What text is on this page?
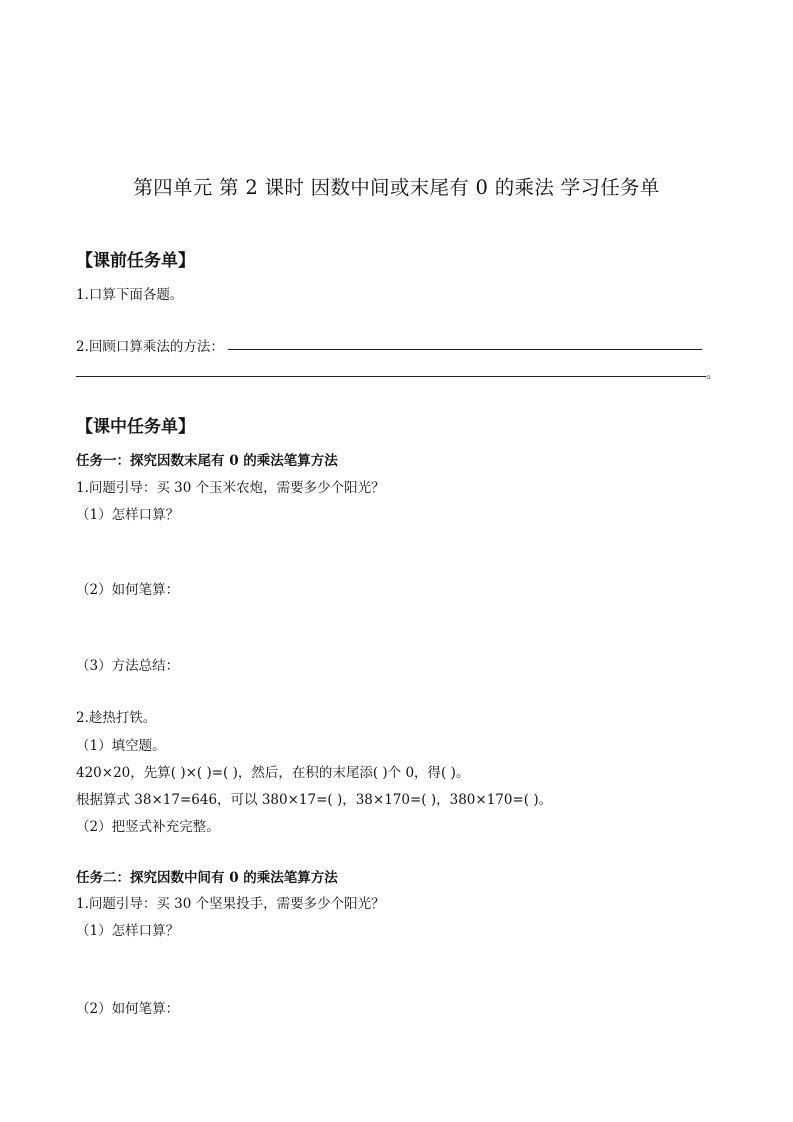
第四单元 第 2 课时 因数中间或末尾有 0 的乘法 学习任务单
【课前任务单】
1.口算下面各题。
2.回顾口算乘法的方法：
。
【课中任务单】
任务一：探究因数末尾有 0 的乘法笔算方法
1.问题引导：买 30 个玉米农炮，需要多少个阳光？
（1）怎样口算？
（2）如何笔算：
（3）方法总结：
2.趁热打铁。
（1）填空题。
420×20，先算( )×( )=( )，然后，在积的末尾添( )个 0，得( )。
根据算式 38×17=646，可以 380×17=( )，38×170=( )，380×170=( )。
（2）把竖式补充完整。
任务二：探究因数中间有 0 的乘法笔算方法
1.问题引导：买 30 个坚果投手，需要多少个阳光？
（1）怎样口算？
（2）如何笔算：
